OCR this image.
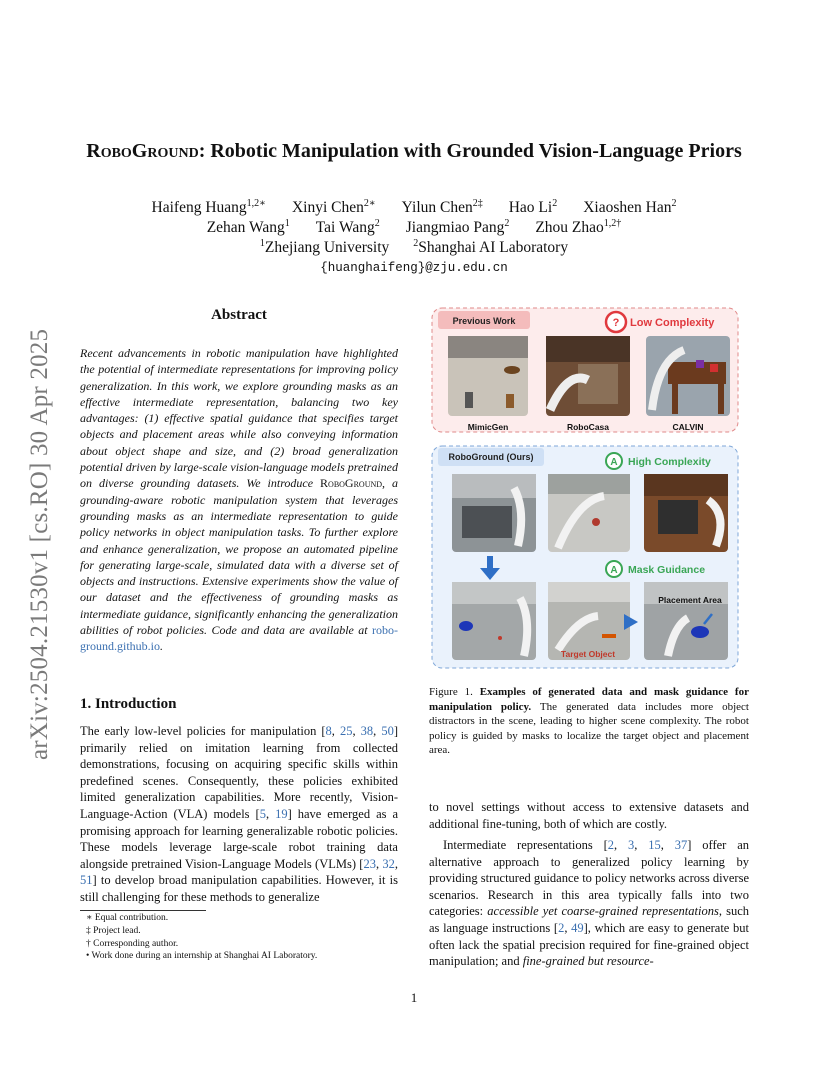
arXiv:2504.21530v1 [cs.RO] 30 Apr 2025
RoboGround: Robotic Manipulation with Grounded Vision-Language Priors
Haifeng Huang$^{1,2∗}$ Xinyi Chen$^{2∗}$ Yilun Chen$^{2\ddagger}$ Hao Li$^2$ Xiaoshen Han$^2$
Zehan Wang$^1$ Tai Wang$^2$ Jiangmiao Pang$^2$ Zhou Zhao$^{1,2\dagger}$
$^1$Zhejiang University $^2$Shanghai AI Laboratory
{huanghaifeng}@zju.edu.cn
Abstract
Recent advancements in robotic manipulation have highlighted the potential of intermediate representations for improving policy generalization. In this work, we explore grounding masks as an effective intermediate representation, balancing two key advantages: (1) effective spatial guidance that specifies target objects and placement areas while also conveying information about object shape and size, and (2) broad generalization potential driven by large-scale vision-language models pretrained on diverse grounding datasets. We introduce RoboGround, a grounding-aware robotic manipulation system that leverages grounding masks as an intermediate representation to guide policy networks in object manipulation tasks. To further explore and enhance generalization, we propose an automated pipeline for generating large-scale, simulated data with a diverse set of objects and instructions. Extensive experiments show the value of our dataset and the effectiveness of grounding masks as intermediate guidance, significantly enhancing the generalization abilities of robot policies. Code and data are available at robo-ground.github.io.
1. Introduction
The early low-level policies for manipulation [8, 25, 38, 50] primarily relied on imitation learning from collected demonstrations, focusing on acquiring specific skills within predefined scenes. Consequently, these policies exhibited limited generalization capabilities. More recently, Vision-Language-Action (VLA) models [5, 19] have emerged as a promising approach for learning generalizable robotic policies. These models leverage large-scale robot training data alongside pretrained Vision-Language Models (VLMs) [23, 32, 51] to develop broad manipulation capabilities. However, it is still challenging for these methods to generalize
∗ Equal contribution.
‡ Project lead.
† Corresponding author.
• Work done during an internship at Shanghai AI Laboratory.
Previous Work	? Low Complexity
MimicGen	RoboCasa	CALVIN
RoboGround (Ours)	A High Complexity
A Mask Guidance
Placement Area
Target Object
Figure 1. Examples of generated data and mask guidance for manipulation policy. The generated data includes more object distractors in the scene, leading to higher scene complexity. The robot policy is guided by masks to localize the target object and placement area.
to novel settings without access to extensive datasets and additional fine-tuning, both of which are costly.
Intermediate representations [2, 3, 15, 37] offer an alternative approach to generalized policy learning by providing structured guidance to policy networks across diverse scenarios. Research in this area typically falls into two categories: accessible yet coarse-grained representations, such as language instructions [2, 49], which are easy to generate but often lack the spatial precision required for fine-grained object manipulation; and fine-grained but resource-
1
